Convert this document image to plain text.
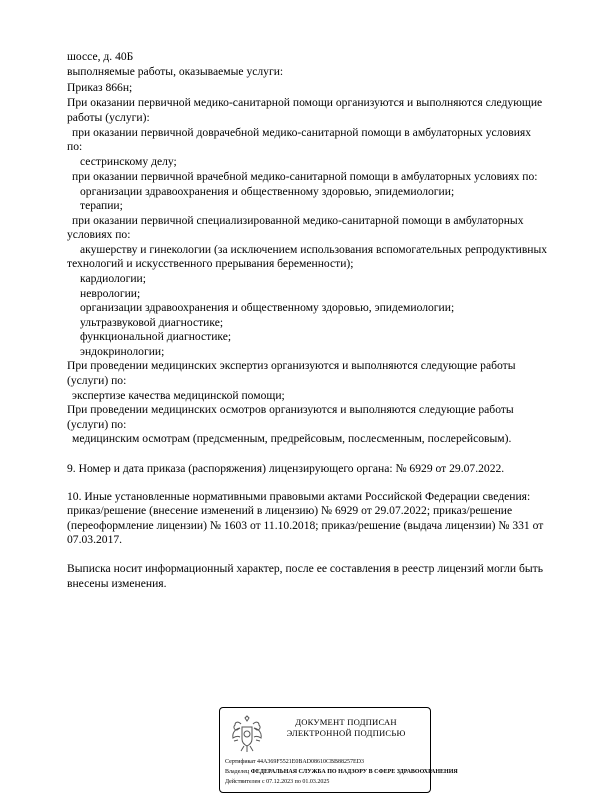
шоссе, д. 40Б
выполняемые работы, оказываемые услуги:
Приказ 866н;
При оказании первичной медико-санитарной помощи организуются и выполняются следующие
работы (услуги):
при оказании первичной доврачебной медико-санитарной помощи в амбулаторных условиях
по:
сестринскому делу;
при оказании первичной врачебной медико-санитарной помощи в амбулаторных условиях по:
организации здравоохранения и общественному здоровью, эпидемиологии;
терапии;
при оказании первичной специализированной медико-санитарной помощи в амбулаторных
условиях по:
акушерству и гинекологии (за исключением использования вспомогательных репродуктивных
технологий и искусственного прерывания беременности);
кардиологии;
неврологии;
организации здравоохранения и общественному здоровью, эпидемиологии;
ультразвуковой диагностике;
функциональной диагностике;
эндокринологии;
При проведении медицинских экспертиз организуются и выполняются следующие работы
(услуги) по:
экспертизе качества медицинской помощи;
При проведении медицинских осмотров организуются и выполняются следующие работы
(услуги) по:
медицинским осмотрам (предсменным, предрейсовым, послесменным, послерейсовым).
9. Номер и дата приказа (распоряжения) лицензирующего органа: № 6929 от 29.07.2022.
10. Иные установленные нормативными правовыми актами Российской Федерации сведения:
приказ/решение (внесение изменений в лицензию) № 6929 от 29.07.2022; приказ/решение
(переоформление лицензии) № 1603 от 11.10.2018; приказ/решение (выдача лицензии) № 331 от
07.03.2017.
Выписка носит информационный характер, после ее составления в реестр лицензий могли быть
внесены изменения.
ДОКУМЕНТ ПОДПИСАН
ЭЛЕКТРОННОЙ ПОДПИСЬЮ
Сертификат 44A369F5521E0BAD08610CBB88257ED3
Владелец ФЕДЕРАЛЬНАЯ СЛУЖБА ПО НАДЗОРУ В СФЕРЕ ЗДРАВООХРАНЕНИЯ
Действителен с 07.12.2023 по 01.03.2025
